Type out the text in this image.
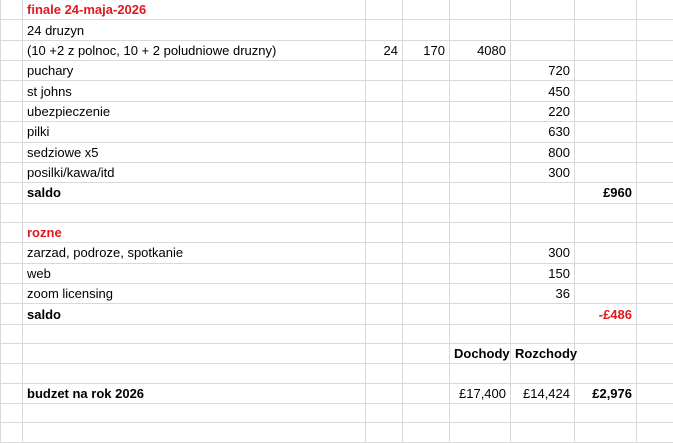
	finale 24-maja-2026						
	24 druzyn						
	(10 +2 z polnoc, 10 + 2 poludniowe druzny)	24	170	4080			
	puchary				720		
	st johns				450		
	ubezpieczenie				220		
	pilki				630		
	sedziowe x5				800		
	posilki/kawa/itd				300		
	saldo					£960	

	rozne						
	zarzad, podroze, spotkanie				300		
	web				150		
	zoom licensing				36		
	saldo					-£486	

				Dochody	Rozchody		

	budzet na rok 2026			£17,400	£14,424	£2,976	
